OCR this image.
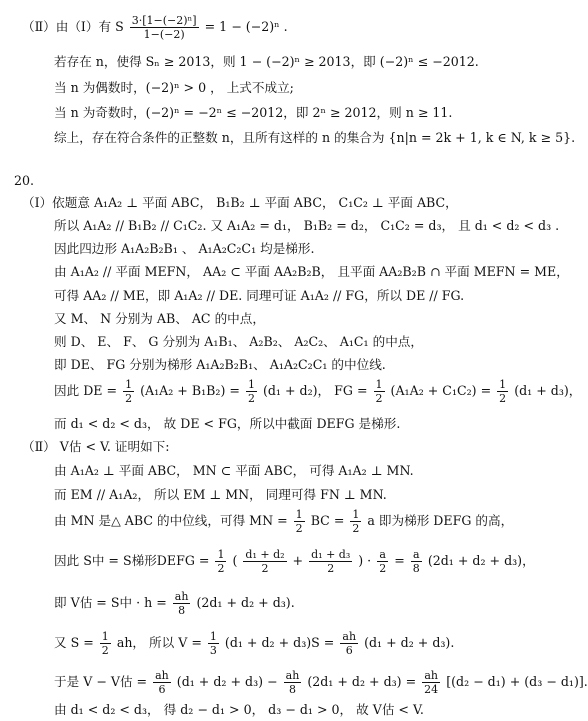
（Ⅱ）由（Ⅰ）有 S $\frac{\text{3·[1−(−2)ⁿ]}}{1-(-2)} = 1 - (-2)^n$ .
若存在 n，使得 Sₙ ≥ 2013，则 1 − (−2)ⁿ ≥ 2013，即 (−2)ⁿ ≤ −2012.
当 n 为偶数时，(−2)ⁿ > 0 ， 上式不成立;
当 n 为奇数时，(−2)ⁿ = −2ⁿ ≤ −2012，即 2ⁿ ≥ 2012，则 n ≥ 11.
综上，存在符合条件的正整数 n，且所有这样的 n 的集合为 {n|n = 2k + 1, k ∈ N, k ≥ 5}.
20.
（Ⅰ）依题意 A₁A₂ ⊥ 平面 ABC， B₁B₂ ⊥ 平面 ABC， C₁C₂ ⊥ 平面 ABC，
所以 A₁A₂ // B₁B₂ // C₁C₂. 又 A₁A₂ = d₁， B₁B₂ = d₂， C₁C₂ = d₃， 且 d₁ < d₂ < d₃ .
因此四边形 A₁A₂B₂B₁ 、 A₁A₂C₂C₁ 均是梯形.
由 A₁A₂ // 平面 MEFN， AA₂ ⊂ 平面 AA₂B₂B， 且平面 AA₂B₂B ∩ 平面 MEFN = ME，
可得 AA₂ // ME，即 A₁A₂ // DE. 同理可证 A₁A₂ // FG，所以 DE // FG.
又 M、 N 分别为 AB、 AC 的中点，
则 D、 E、 F、 G 分别为 A₁B₁、 A₂B₂、 A₂C₂、 A₁C₁ 的中点，
即 DE、 FG 分别为梯形 A₁A₂B₂B₁、 A₁A₂C₂C₁ 的中位线.
因此 DE = $\frac{1}{2} (A_1A_2 + B_1B_2) = \frac{1}{2} (d_1 + d_2)$， FG = $\frac{1}{2} (A_1A_2 + C_1C_2) = \frac{1}{2} (d_1 + d_3)$，
而 d₁ < d₂ < d₃， 故 DE < FG，所以中截面 DEFG 是梯形.
（Ⅱ） V估 < V. 证明如下:
由 A₁A₂ ⊥ 平面 ABC， MN ⊂ 平面 ABC， 可得 A₁A₂ ⊥ MN.
而 EM // A₁A₂， 所以 EM ⊥ MN， 同理可得 FN ⊥ MN.
由 MN 是△ ABC 的中位线，可得 MN = $\frac{1}{2}$ BC = $\frac{1}{2}$ a 即为梯形 DEFG 的高，
因此 S中 = S梯形DEFG = $\frac{1}{2}$ ( $\frac{\text{d₁ + d₂}}{2} + \frac{\text{d₁ + d₃}}{2}$ ) · $\frac{a}{2} = \frac{a}{8} (2d_1 + d_2 + d_3)$，
即 V估 = S中 · $h = \frac{ah}{8} (2d_1 + d_2 + d_3)$.
又 $S = \frac{1}{2}$ ah， 所以 $V = \frac{1}{3} (d_1 + d_2 + d_3)S = \frac{ah}{6} (d_1 + d_2 + d_3)$.
于是 V − V估 = $\frac{ah}{6} (d_1 + d_2 + d_3) - \frac{ah}{8} (2d_1 + d_2 + d_3) = \frac{ah}{24} [(d_2 - d_1) + (d_3 - d_1)]$.
由 d₁ < d₂ < d₃， 得 d₂ − d₁ > 0， d₃ − d₁ > 0， 故 V估 < V.
